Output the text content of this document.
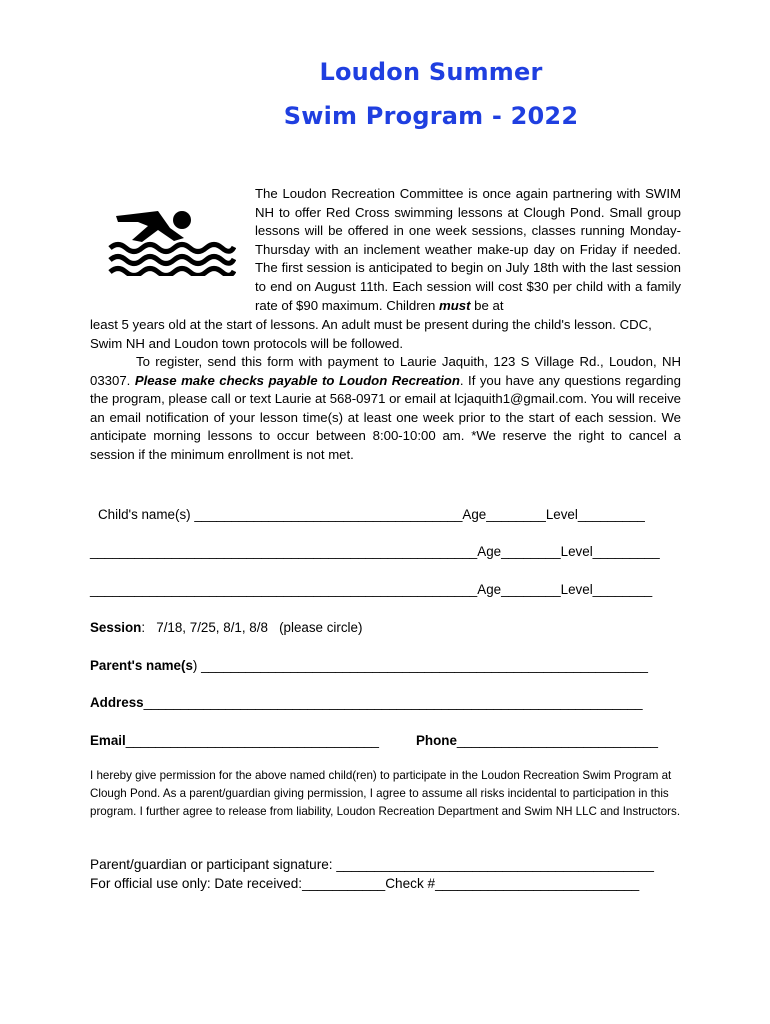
Loudon Summer
Swim Program - 2022
The Loudon Recreation Committee is once again partnering with SWIM NH to offer Red Cross swimming lessons at Clough Pond. Small group lessons will be offered in one week sessions, classes running Monday-Thursday with an inclement weather make-up day on Friday if needed. The first session is anticipated to begin on July 18th with the last session to end on August 11th. Each session will cost $30 per child with a family rate of $90 maximum. Children must be at
least 5 years old at the start of lessons. An adult must be present during the child's lesson. CDC, Swim NH and Loudon town protocols will be followed.
To register, send this form with payment to Laurie Jaquith, 123 S Village Rd., Loudon, NH 03307. Please make checks payable to Loudon Recreation. If you have any questions regarding the program, please call or text Laurie at 568-0971 or email at lcjaquith1@gmail.com. You will receive an email notification of your lesson time(s) at least one week prior to the start of each session. We anticipate morning lessons to occur between 8:00-10:00 am. *We reserve the right to cancel a session if the minimum enrollment is not met.
Child's name(s) ____________________________________Age________Level_________
____________________________________________________Age________Level_________
____________________________________________________Age________Level________
Session:   7/18, 7/25, 8/1, 8/8   (please circle)
Parent's name(s) ____________________________________________________________
Address___________________________________________________________________
Email__________________________________	Phone___________________________
I hereby give permission for the above named child(ren) to participate in the Loudon Recreation Swim Program at Clough Pond. As a parent/guardian giving permission, I agree to assume all risks incidental to participation in this program. I further agree to release from liability, Loudon Recreation Department and Swim NH LLC and Instructors.
Parent/guardian or participant signature: __________________________________________
For official use only: Date received:___________Check #___________________________
